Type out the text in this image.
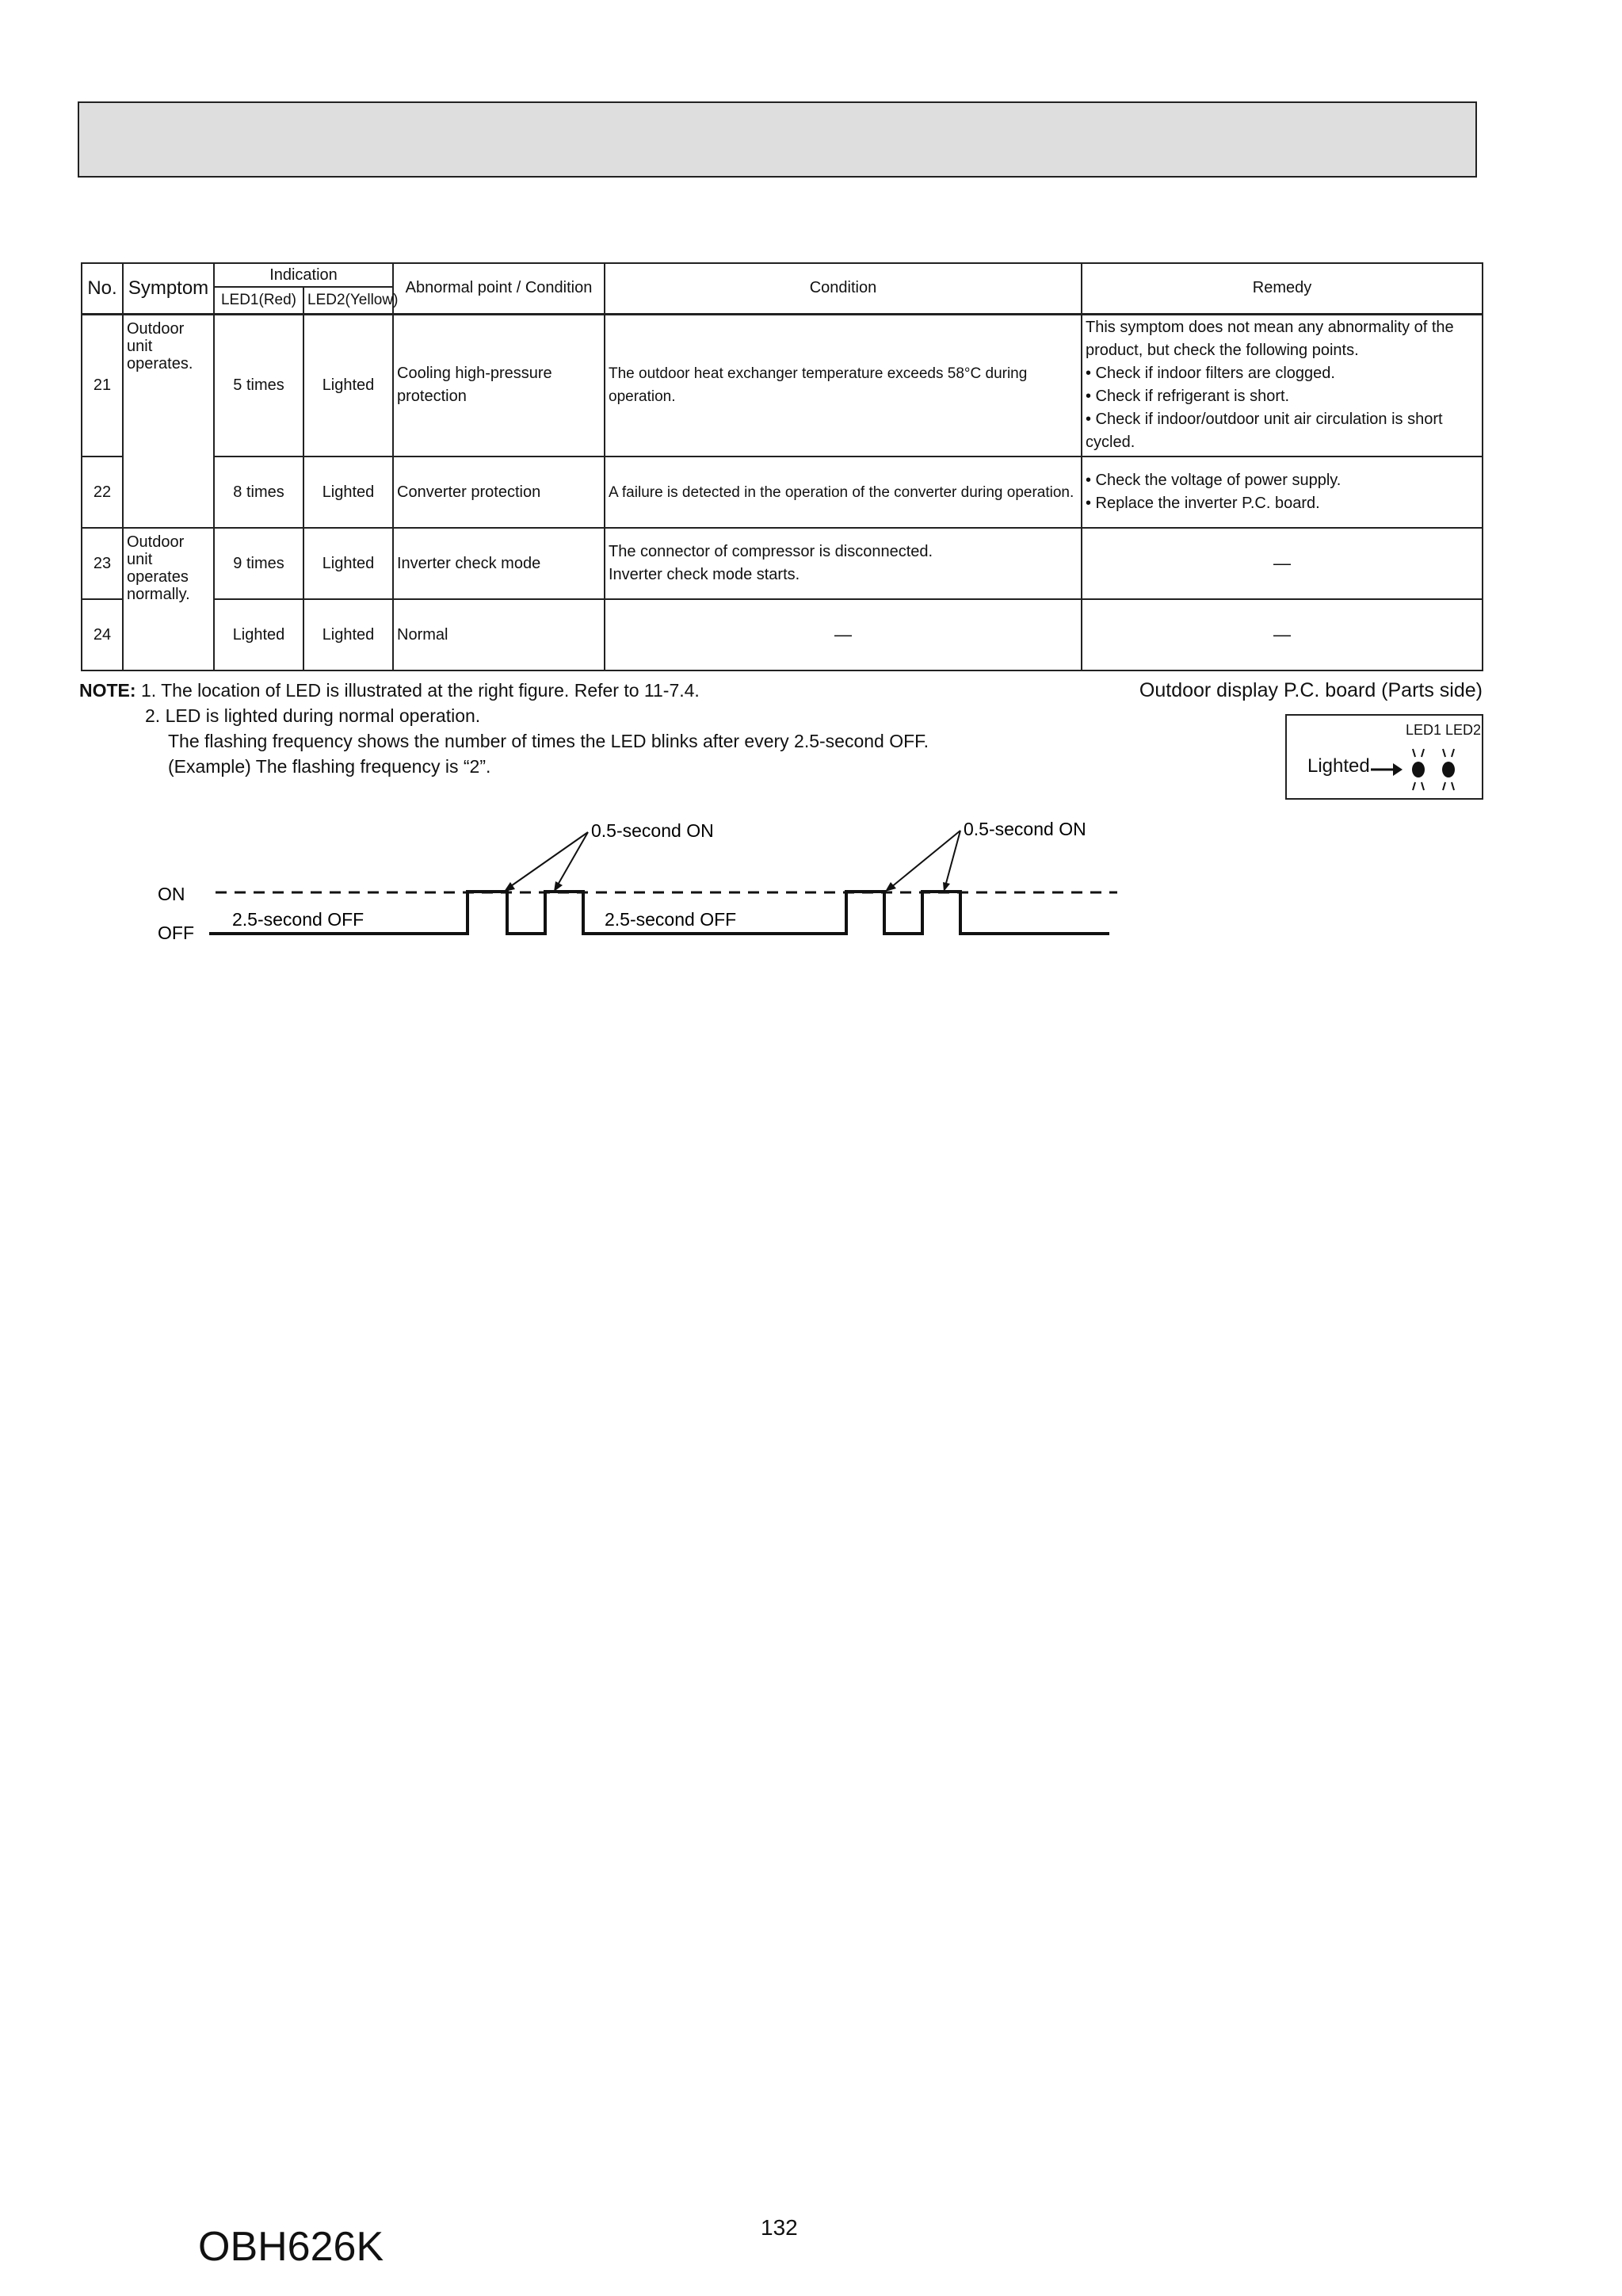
No.	Symptom	Indication		Abnormal point / Condition	Condition	Remedy
		LED1(Red)	LED2(Yellow)			
21	Outdoor unit operates.	5 times	Lighted	Cooling high-pressure protection	The outdoor heat exchanger temperature exceeds 58°C during operation.	This symptom does not mean any abnormality of the product, but check the following points.
• Check if indoor filters are clogged.
• Check if refrigerant is short.
• Check if indoor/outdoor unit air circulation is short cycled.

22		8 times	Lighted	Converter protection	A failure is detected in the operation of the converter during operation.	• Check the voltage of power supply.
• Replace the inverter P.C. board.

23	Outdoor unit operates normally.	9 times	Lighted	Inverter check mode	The connector of compressor is disconnected.
Inverter check mode starts.	—
24		Lighted	Lighted	Normal	—	—
NOTE: 1. The location of LED is illustrated at the right figure. Refer to 11-7.4.
2. LED is lighted during normal operation.
The flashing frequency shows the number of times the LED blinks after every 2.5-second OFF.
(Example) The flashing frequency is “2”.
Outdoor display P.C. board (Parts side)
LED1 LED2
Lighted
ON
OFF
2.5-second OFF	2.5-second OFF
0.5-second ON	0.5-second ON
132
OBH626K
